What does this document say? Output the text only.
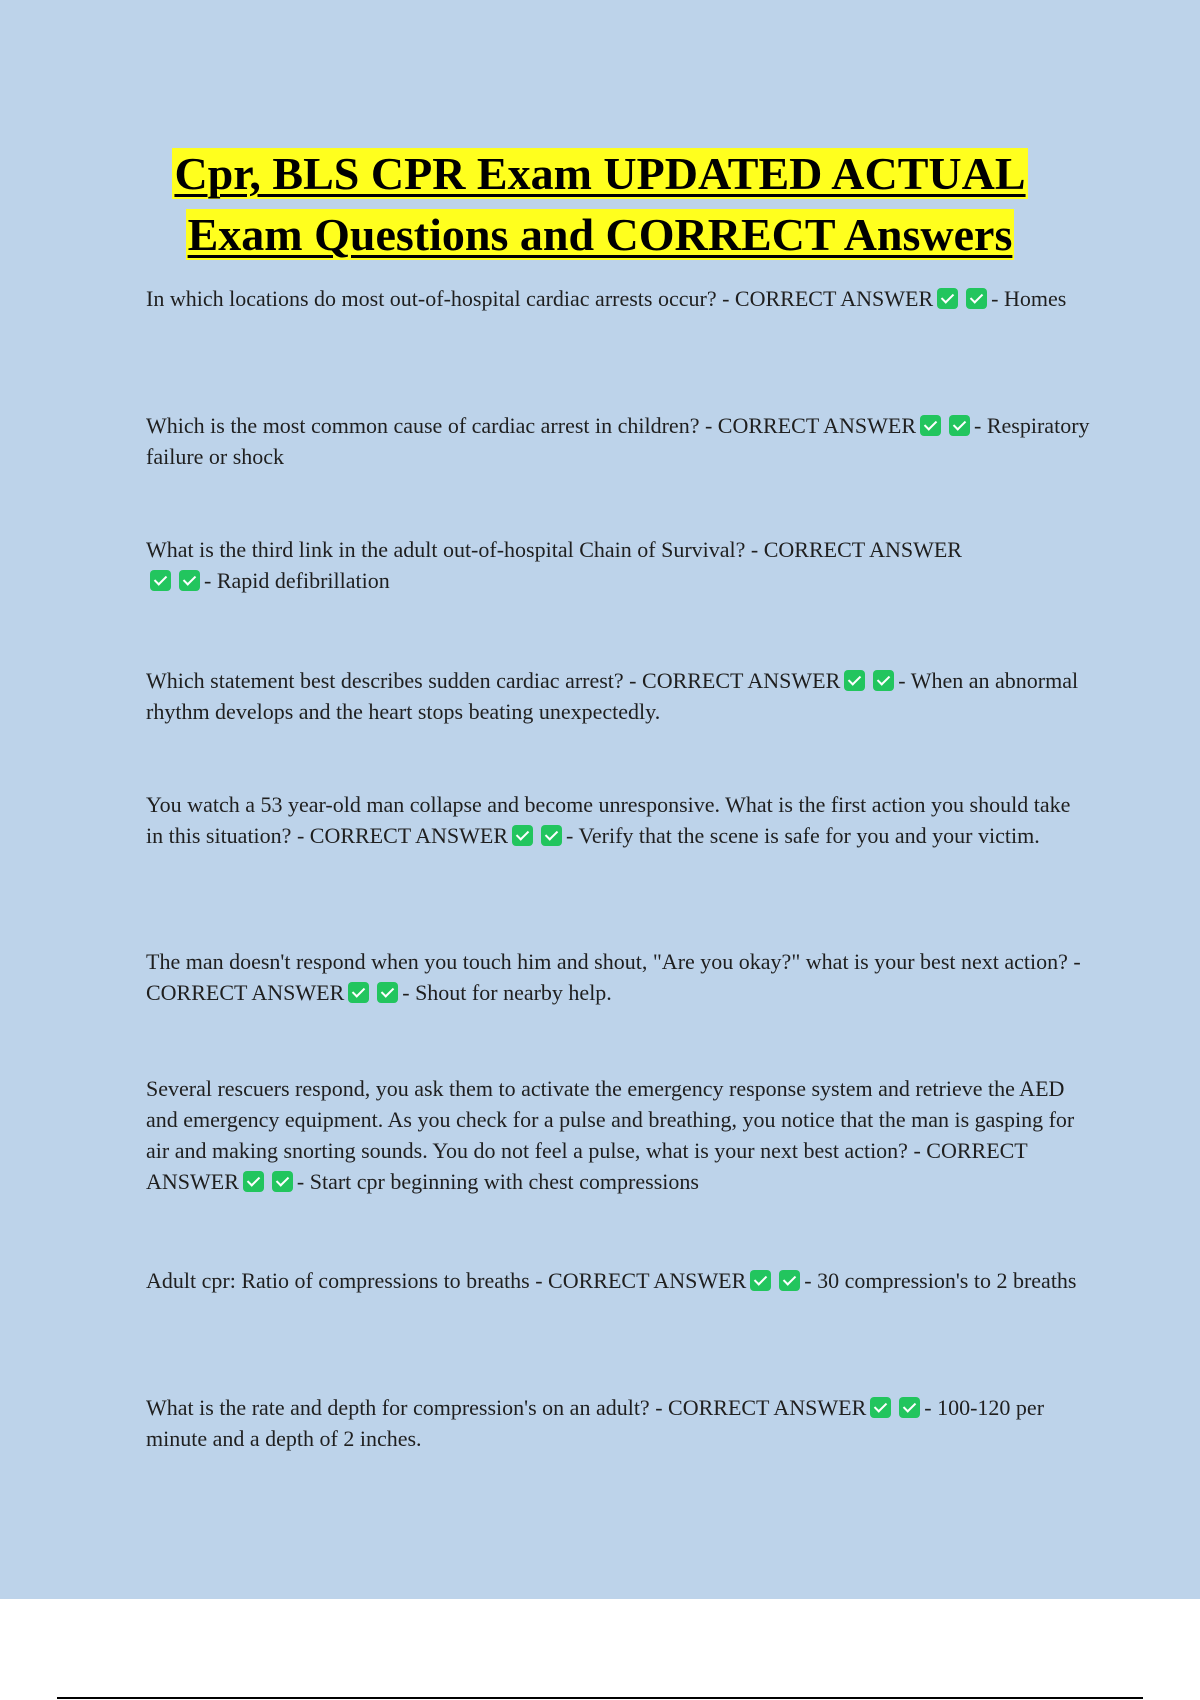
Cpr, BLS CPR Exam UPDATED ACTUAL
Exam Questions and CORRECT Answers

In which locations do most out-of-hospital cardiac arrests occur? - CORRECT ANSWER	- Homes

Which is the most common cause of cardiac arrest in children? - CORRECT ANSWER	- Respiratory failure or shock

What is the third link in the adult out-of-hospital Chain of Survival? - CORRECT ANSWER- Rapid defibrillation

Which statement best describes sudden cardiac arrest? - CORRECT ANSWER	- When an abnormal rhythm develops and the heart stops beating unexpectedly.

You watch a 53 year-old man collapse and become unresponsive. What is the first action you should take in this situation? - CORRECT ANSWER	- Verify that the scene is safe for you and your victim.

The man doesn't respond when you touch him and shout, "Are you okay?" what is your best next action? - CORRECT ANSWER	- Shout for nearby help.

Several rescuers respond, you ask them to activate the emergency response system and retrieve the AED and emergency equipment. As you check for a pulse and breathing, you notice that the man is gasping for air and making snorting sounds. You do not feel a pulse, what is your next best action? - CORRECT ANSWER	- Start cpr beginning with chest compressions

Adult cpr: Ratio of compressions to breaths - CORRECT ANSWER	- 30 compression's to 2 breaths

What is the rate and depth for compression's on an adult? - CORRECT ANSWER	- 100-120 per minute and a depth of 2 inches.
